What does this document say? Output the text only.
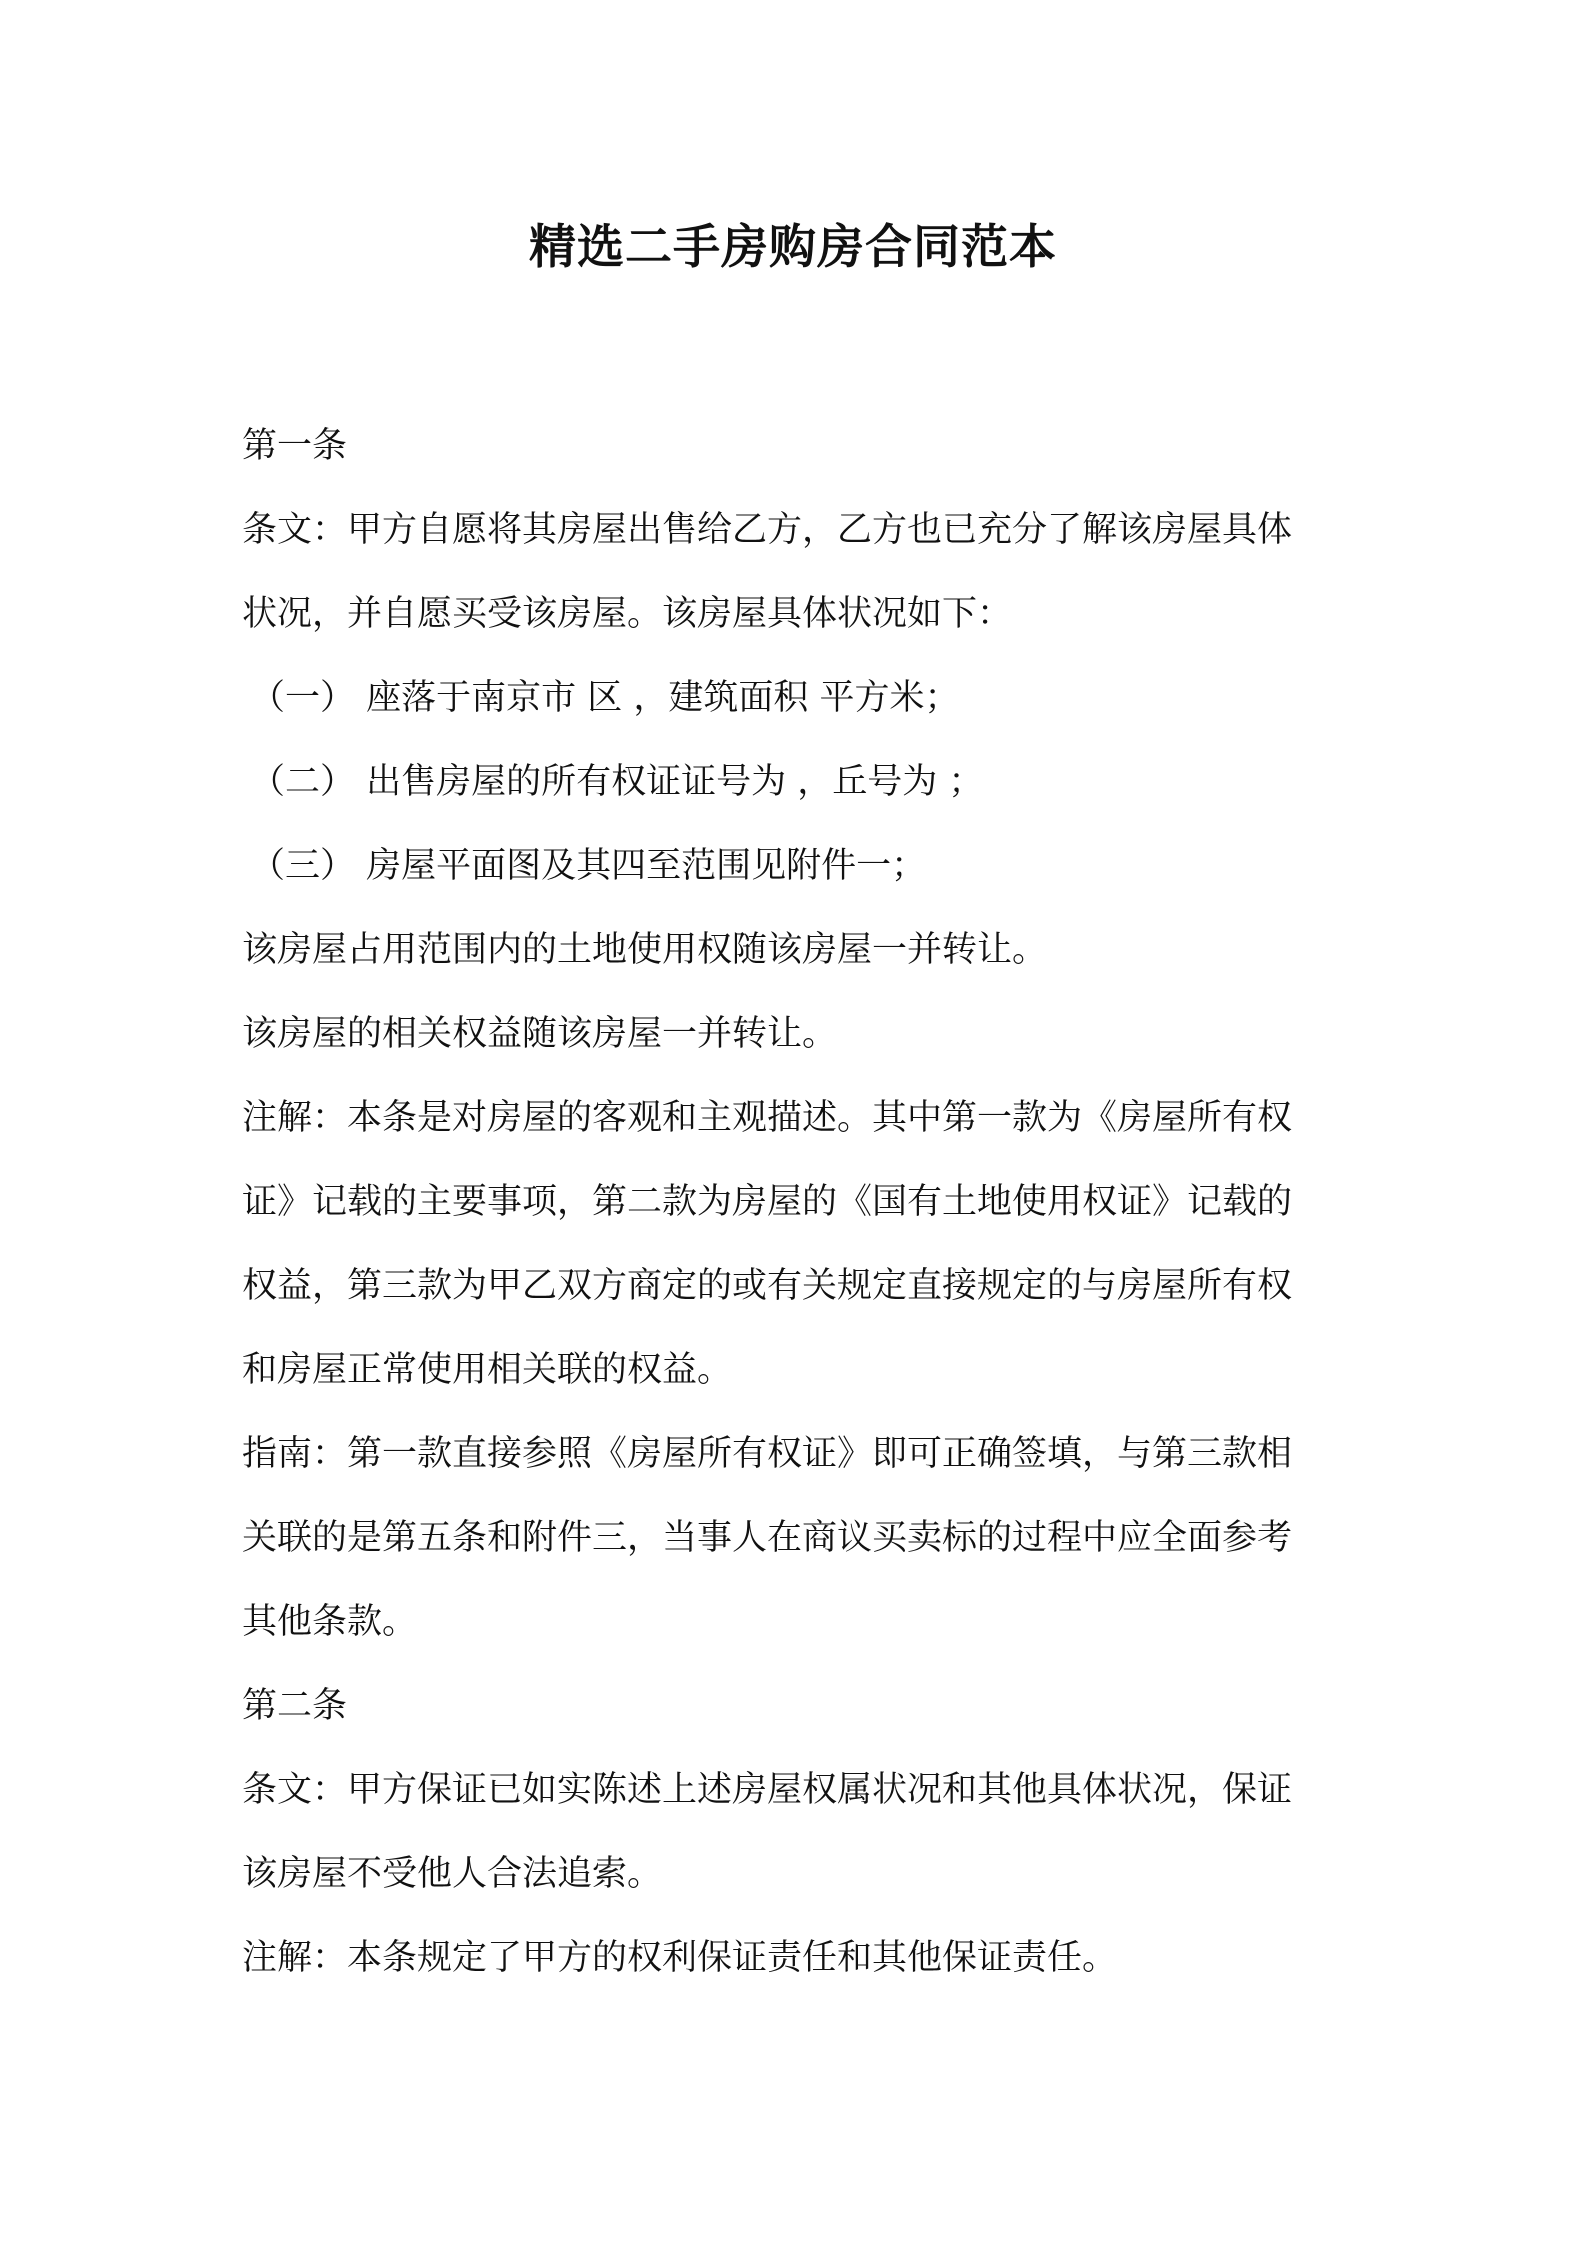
精选二手房购房合同范本

第一条

条文：甲方自愿将其房屋出售给乙方，乙方也已充分了解该房屋具体

状况，并自愿买受该房屋。该房屋具体状况如下：

（一） 座落于南京市 区 ，建筑面积 平方米；

（二） 出售房屋的所有权证证号为 ，丘号为 ；

（三） 房屋平面图及其四至范围见附件一；

该房屋占用范围内的土地使用权随该房屋一并转让。

该房屋的相关权益随该房屋一并转让。

注解：本条是对房屋的客观和主观描述。其中第一款为《房屋所有权

证》记载的主要事项，第二款为房屋的《国有土地使用权证》记载的

权益，第三款为甲乙双方商定的或有关规定直接规定的与房屋所有权

和房屋正常使用相关联的权益。

指南：第一款直接参照《房屋所有权证》即可正确签填，与第三款相

关联的是第五条和附件三，当事人在商议买卖标的过程中应全面参考

其他条款。

第二条

条文：甲方保证已如实陈述上述房屋权属状况和其他具体状况，保证

该房屋不受他人合法追索。

注解：本条规定了甲方的权利保证责任和其他保证责任。
